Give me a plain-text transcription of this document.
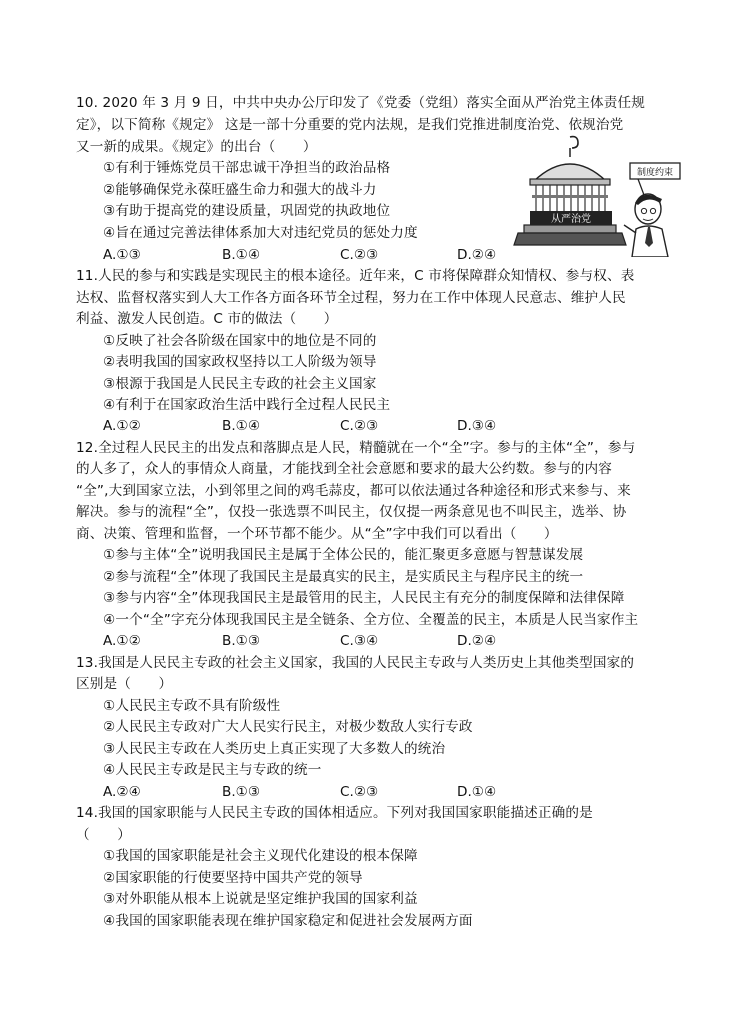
10. 2020 年 3 月 9 日，中共中央办公厅印发了《党委（党组）落实全面从严治党主体责任规
定》，以下简称《规定》 这是一部十分重要的党内法规，是我们党推进制度治党、依规治党
又一新的成果。《规定》的出台（　　）
①有利于锤炼党员干部忠诚干净担当的政治品格
②能够确保党永葆旺盛生命力和强大的战斗力
③有助于提高党的建设质量，巩固党的执政地位
④旨在通过完善法律体系加大对违纪党员的惩处力度
A.①③	B.①④	C.②③	D.②④
从严治党
制度约束
11.人民的参与和实践是实现民主的根本途径。近年来，C 市将保障群众知情权、参与权、表
达权、监督权落实到人大工作各方面各环节全过程，努力在工作中体现人民意志、维护人民
利益、激发人民创造。C 市的做法（　　）
①反映了社会各阶级在国家中的地位是不同的
②表明我国的国家政权坚持以工人阶级为领导
③根源于我国是人民民主专政的社会主义国家
④有利于在国家政治生活中践行全过程人民民主
A.①②	B.①④	C.②③	D.③④
12.全过程人民民主的出发点和落脚点是人民，精髓就在一个“全”字。参与的主体“全”，参与
的人多了，众人的事情众人商量，才能找到全社会意愿和要求的最大公约数。参与的内容
“全”,大到国家立法，小到邻里之间的鸡毛蒜皮，都可以依法通过各种途径和形式来参与、来
解决。参与的流程“全”，仅投一张选票不叫民主，仅仅提一两条意见也不叫民主，选举、协
商、决策、管理和监督，一个环节都不能少。从“全”字中我们可以看出（　　）
①参与主体“全”说明我国民主是属于全体公民的，能汇聚更多意愿与智慧谋发展
②参与流程“全”体现了我国民主是最真实的民主，是实质民主与程序民主的统一
③参与内容“全”体现我国民主是最管用的民主，人民民主有充分的制度保障和法律保障
④一个“全”字充分体现我国民主是全链条、全方位、全覆盖的民主，本质是人民当家作主
A.①②	B.①③	C.③④	D.②④
13.我国是人民民主专政的社会主义国家，我国的人民民主专政与人类历史上其他类型国家的
区别是（　　）
①人民民主专政不具有阶级性
②人民民主专政对广大人民实行民主，对极少数敌人实行专政
③人民民主专政在人类历史上真正实现了大多数人的统治
④人民民主专政是民主与专政的统一
A.②④	B.①③	C.②③	D.①④
14.我国的国家职能与人民民主专政的国体相适应。下列对我国国家职能描述正确的是
（　　）
①我国的国家职能是社会主义现代化建设的根本保障
②国家职能的行使要坚持中国共产党的领导
③对外职能从根本上说就是坚定维护我国的国家利益
④我国的国家职能表现在维护国家稳定和促进社会发展两方面
